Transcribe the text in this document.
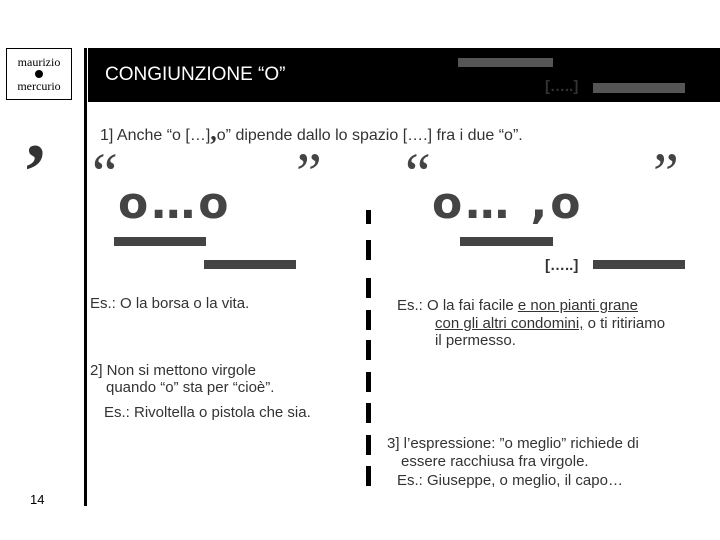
maurizio
mercurio
CONGIUNZIONE “O”
[…..]
,	1] Anche “o […],o” dipende dallo lo spazio [….] fra i due “o”.
“ o…o ” “ o… ,o ”
[…..]
Es.: O la borsa o la vita.	Es.: O la fai facile e non pianti grane
con gli altri condomini, o ti ritiriamo
il permesso.
2] Non si mettono virgole
quando “o” sta per “cioè”.
Es.: Rivoltella o pistola che sia.
3] l’espressione: ”o meglio” richiede di
essere racchiusa fra virgole.
Es.: Giuseppe, o meglio, il capo…
14
